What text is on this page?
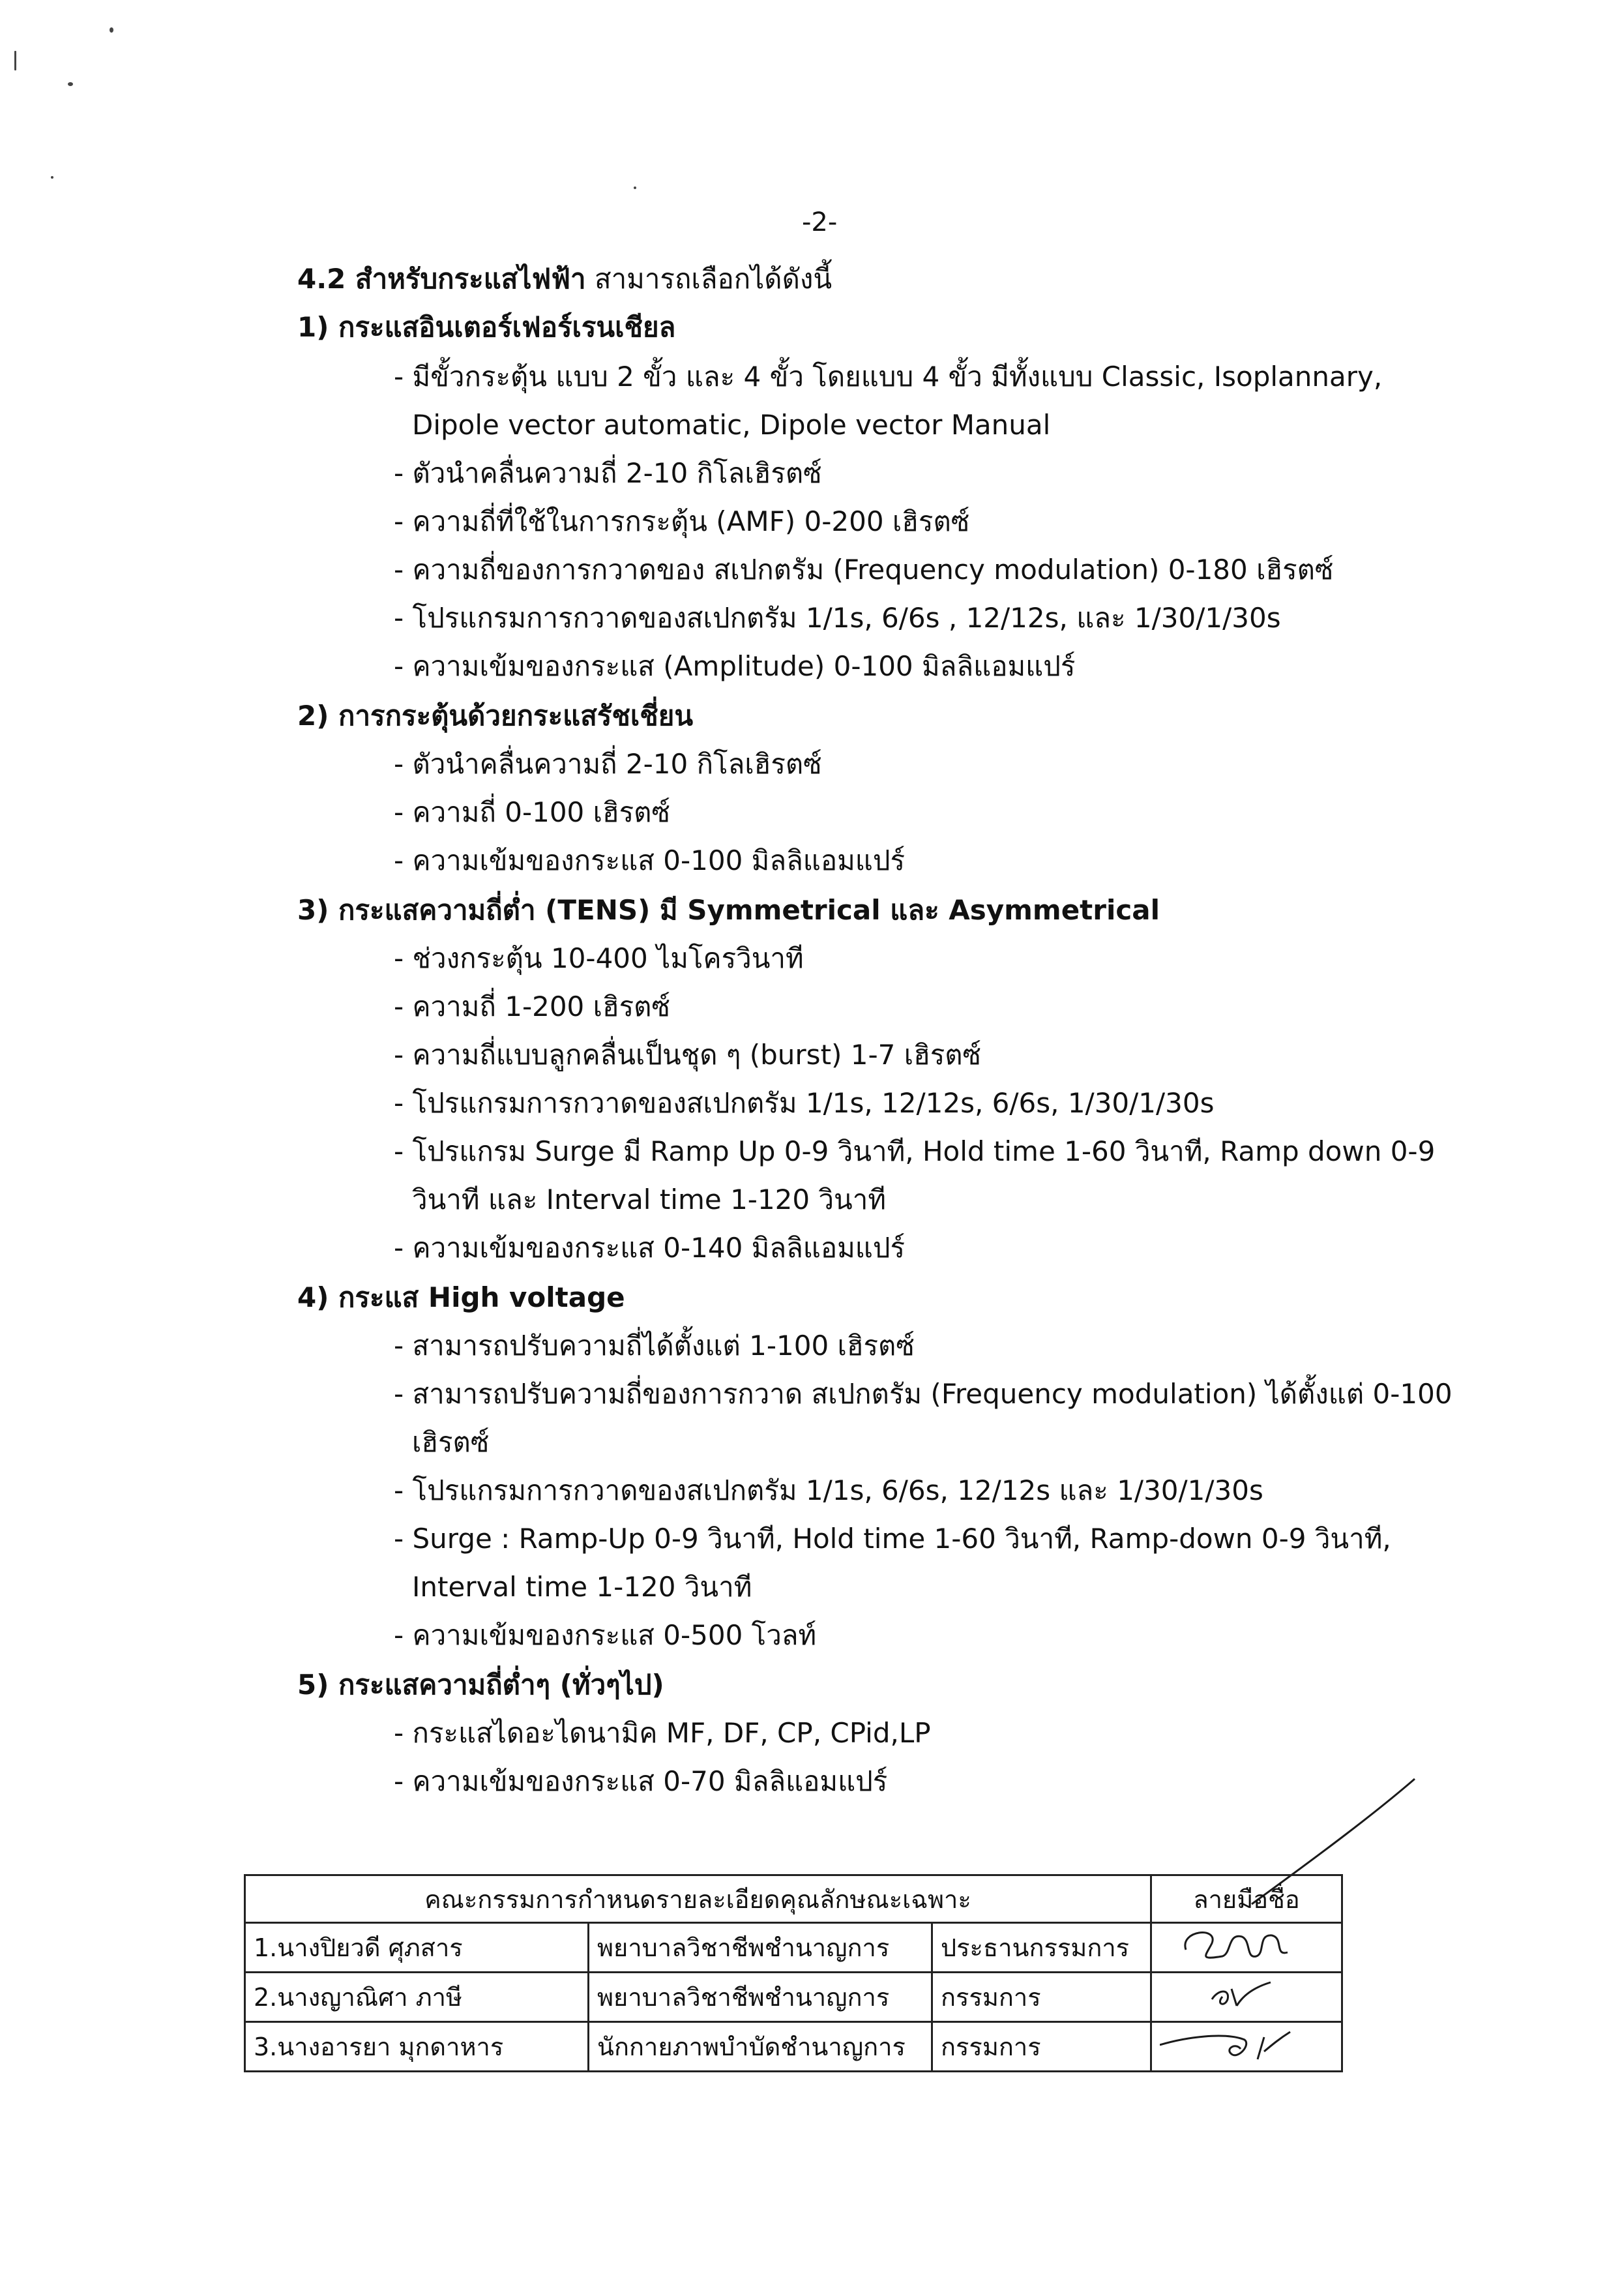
-2-
4.2 สำหรับกระแสไฟฟ้า สามารถเลือกได้ดังนี้
1) กระแสอินเตอร์เฟอร์เรนเชียล
- มีขั้วกระตุ้น แบบ 2 ขั้ว และ 4 ขั้ว โดยแบบ 4 ขั้ว มีทั้งแบบ Classic, Isoplannary,
Dipole vector automatic, Dipole vector Manual
- ตัวนำคลื่นความถี่ 2-10 กิโลเฮิรตซ์
- ความถี่ที่ใช้ในการกระตุ้น (AMF) 0-200 เฮิรตซ์
- ความถี่ของการกวาดของ สเปกตรัม (Frequency modulation) 0-180 เฮิรตซ์
- โปรแกรมการกวาดของสเปกตรัม 1/1s, 6/6s , 12/12s, และ 1/30/1/30s
- ความเข้มของกระแส (Amplitude) 0-100 มิลลิแอมแปร์
2) การกระตุ้นด้วยกระแสรัชเชี่ยน
- ตัวนำคลื่นความถี่ 2-10 กิโลเฮิรตซ์
- ความถี่ 0-100 เฮิรตซ์
- ความเข้มของกระแส 0-100 มิลลิแอมแปร์
3) กระแสความถี่ต่ำ (TENS) มี Symmetrical และ Asymmetrical
- ช่วงกระตุ้น 10-400 ไมโครวินาที
- ความถี่ 1-200 เฮิรตซ์
- ความถี่แบบลูกคลื่นเป็นชุด ๆ (burst) 1-7 เฮิรตซ์
- โปรแกรมการกวาดของสเปกตรัม 1/1s, 12/12s, 6/6s, 1/30/1/30s
- โปรแกรม Surge มี Ramp Up 0-9 วินาที, Hold time 1-60 วินาที, Ramp down 0-9
วินาที และ Interval time 1-120 วินาที
- ความเข้มของกระแส 0-140 มิลลิแอมแปร์
4) กระแส High voltage
- สามารถปรับความถี่ได้ตั้งแต่ 1-100 เฮิรตซ์
- สามารถปรับความถี่ของการกวาด สเปกตรัม (Frequency modulation) ได้ตั้งแต่ 0-100
เฮิรตซ์
- โปรแกรมการกวาดของสเปกตรัม 1/1s, 6/6s, 12/12s และ 1/30/1/30s
- Surge : Ramp-Up 0-9 วินาที, Hold time 1-60 วินาที, Ramp-down 0-9 วินาที,
Interval time 1-120 วินาที
- ความเข้มของกระแส 0-500 โวลท์
5) กระแสความถี่ต่ำๆ (ทั่วๆไป)
- กระแสไดอะไดนามิค MF, DF, CP, CPid,LP
- ความเข้มของกระแส 0-70 มิลลิแอมแปร์
คณะกรรมการกำหนดรายละเอียดคุณลักษณะเฉพาะ			ลายมือชื่อ
1.นางปิยวดี ศุภสาร	พยาบาลวิชาชีพชำนาญการ	ประธานกรรมการ	
2.นางญาณิศา ภาษี	พยาบาลวิชาชีพชำนาญการ	กรรมการ	
3.นางอารยา มุกดาหาร	นักกายภาพบำบัดชำนาญการ	กรรมการ	
